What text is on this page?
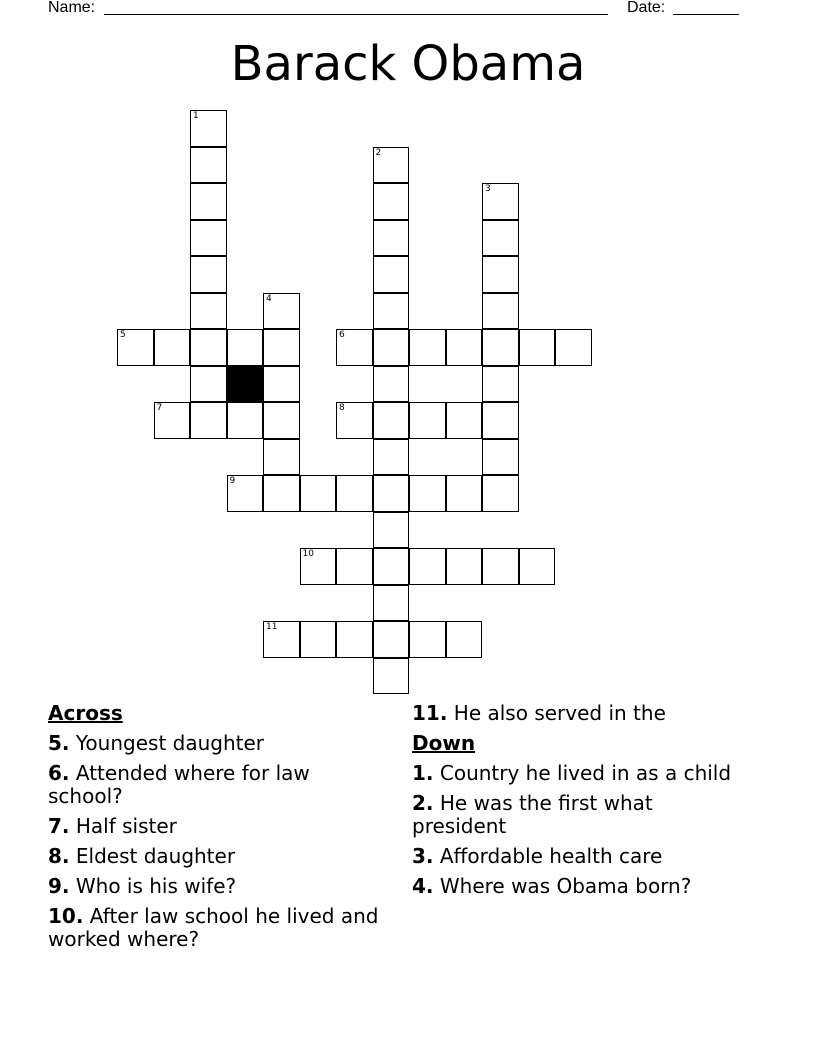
Name:	Date:
Barack Obama
1
2
3
4
5	6
7	8
9
10
11
Across
5. Youngest daughter
6. Attended where for law school?
7. Half sister
8. Eldest daughter
9. Who is his wife?
10. After law school he lived and worked where?
11. He also served in the
Down
1. Country he lived in as a child
2. He was the first what president
3. Affordable health care
4. Where was Obama born?
